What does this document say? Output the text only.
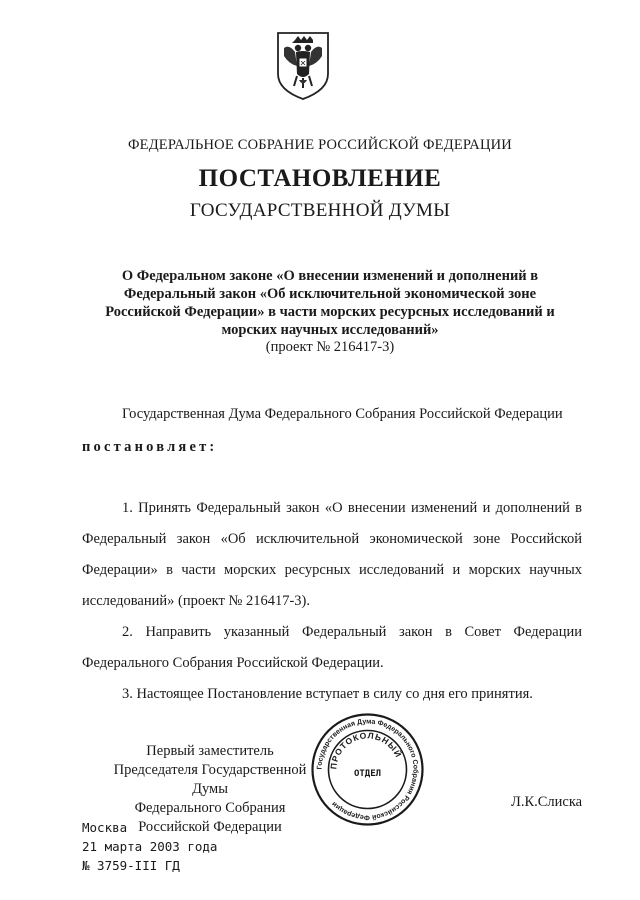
ФЕДЕРАЛЬНОЕ СОБРАНИЕ РОССИЙСКОЙ ФЕДЕРАЦИИ
ПОСТАНОВЛЕНИЕ
ГОСУДАРСТВЕННОЙ ДУМЫ
О Федеральном законе «О внесении изменений и дополнений в
Федеральный закон «Об исключительной экономической зоне
Российской Федерации» в части морских ресурсных исследований и
морских научных исследований»
(проект № 216417-3)
Государственная Дума Федерального Собрания Российской Федерации
постановляет:
1. Принять Федеральный закон «О внесении изменений и дополнений в Федеральный закон «Об исключительной экономической зоне Российской Федерации» в части морских ресурсных исследований и морских научных исследований» (проект № 216417-3).
2. Направить указанный Федеральный закон в Совет Федерации Федерального Собрания Российской Федерации.
3. Настоящее Постановление вступает в силу со дня его принятия.
Первый заместитель
Председателя Государственной Думы
Федерального Собрания
Российской Федерации
Государственная Дума Федерального Собрания Российской Федерации
ПРОТОКОЛЬНЫЙ
ОТДЕЛ
Л.К.Слиска
Москва
21 марта 2003 года
№ 3759-III ГД
